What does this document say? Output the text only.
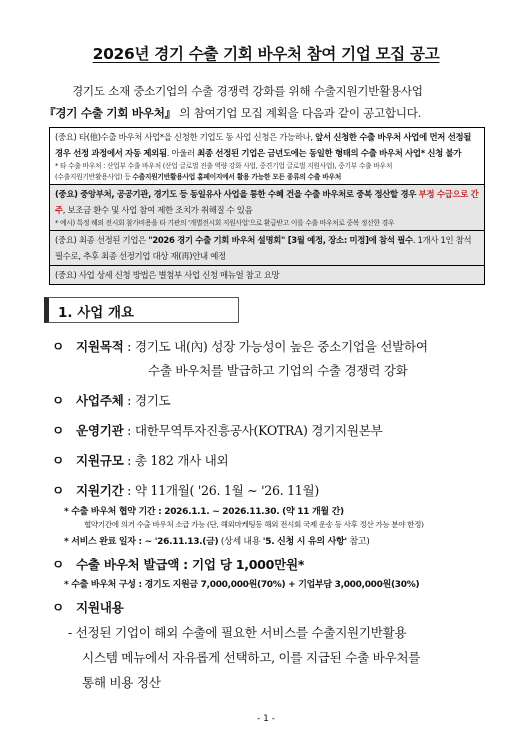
2026년 경기 수출 기회 바우처 참여 기업 모집 공고

경기도 소재 중소기업의 수출 경쟁력 강화를 위해 수출지원기반활용사업

『경기 수출 기회 바우처』 의 참여기업 모집 계획을 다음과 같이 공고합니다.

(중요) 타(他)수출 바우처 사업*을 신청한 기업도 동 사업 신청은 가능하나, 앞서 신청한 수출 바우처 사업에 먼저 선정될 경우 선정 과정에서 자동 제외됨. 아울러 최종 선정된 기업은 금년도에는 동일한 형태의 수출 바우처 사업* 신청 불가
* 타 수출 바우처 : 산업부 수출 바우처 (산업 글로벌 진출 역량 강화 사업, 중견기업 글로벌 지원사업), 중기부 수출 바우처
(수출지원기반활용사업) 등 수출지원기반활용사업 홈페이지에서 활용 가능한 모든 종류의 수출 바우처
(중요) 중앙부처, 공공기관, 경기도 등 동일유사 사업을 통한 수혜 건을 수출 바우처로 중복 정산할 경우 부정 수급으로 간주, 보조금 환수 및 사업 참여 제한 조치가 취해질 수 있음
* 예시) 특정 해외 전시회 참가비용을 타 기관의 '개별전시회 지원사업'으로 환급받고 이를 수출 바우처로 중복 정산한 경우
(중요) 최종 선정된 기업은 "2026 경기 수출 기회 바우처 설명회" [3월 예정, 장소: 미정]에 참석 필수. 1개사 1인 참석 필수로, 추후 최종 선정기업 대상 재(再)안내 예정
(중요) 사업 상세 신청 방법은 별첨부 사업 신청 매뉴얼 참고 요망
1. 사업 개요
ㅇ 지원목적 : 경기도 내(內) 성장 가능성이 높은 중소기업을 선발하여
수출 바우처를 발급하고 기업의 수출 경쟁력 강화
ㅇ 사업주체 : 경기도
ㅇ 운영기관 : 대한무역투자진흥공사(KOTRA) 경기지원본부
ㅇ 지원규모 : 총 182 개사 내외
ㅇ 지원기간 : 약 11개월( '26. 1월 ~ '26. 11월)
* 수출 바우처 협약 기간 : 2026.1.1. ~ 2026.11.30. (약 11 개월 간)
협약기간에 의거 수출 바우처 소급 가능 (단, 해외마케팅등 해외 전시회 국제 운송 등 사후 정산 가능 분야 한정)
* 서비스 완료 일자 : ~ '26.11.13.(금) (상세 내용 '5. 신청 시 유의 사항' 참고)
ㅇ 수출 바우처 발급액 : 기업 당 1,000만원*
* 수출 바우처 구성 : 경기도 지원금 7,000,000원(70%) + 기업부담 3,000,000원(30%)
ㅇ 지원내용
- 선정된 기업이 해외 수출에 필요한 서비스를 수출지원기반활용
시스템 메뉴에서 자유롭게 선택하고, 이를 지급된 수출 바우처를
통해 비용 정산
- 1 -
